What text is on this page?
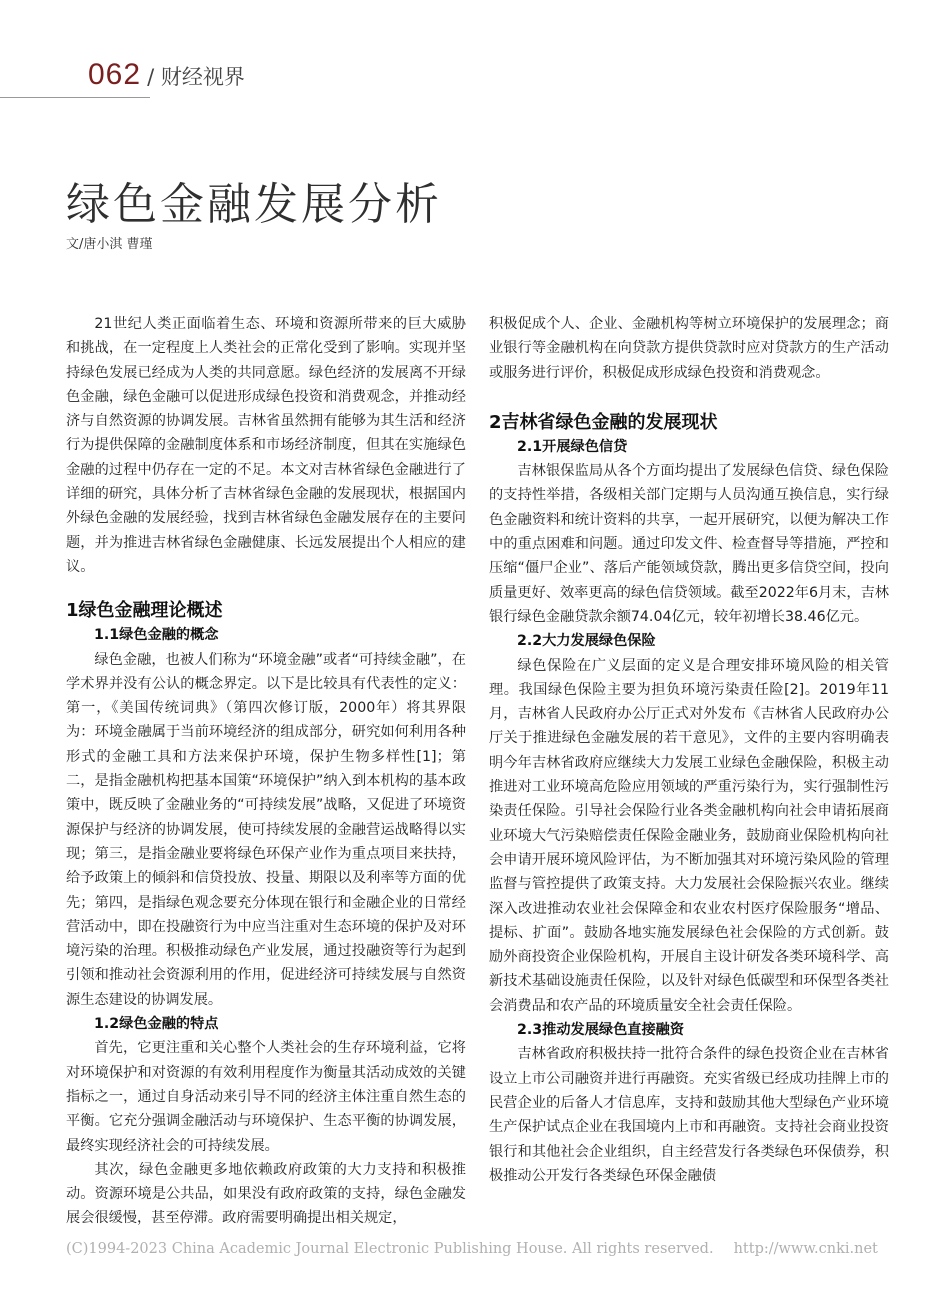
062 / 财经视界
绿色金融发展分析
文/唐小淇 曹瑾

21世纪人类正面临着生态、环境和资源所带来的巨大威胁和挑战，在一定程度上人类社会的正常化受到了影响。实现并坚持绿色发展已经成为人类的共同意愿。绿色经济的发展离不开绿色金融，绿色金融可以促进形成绿色投资和消费观念，并推动经济与自然资源的协调发展。吉林省虽然拥有能够为其生活和经济行为提供保障的金融制度体系和市场经济制度，但其在实施绿色金融的过程中仍存在一定的不足。本文对吉林省绿色金融进行了详细的研究，具体分析了吉林省绿色金融的发展现状，根据国内外绿色金融的发展经验，找到吉林省绿色金融发展存在的主要问题，并为推进吉林省绿色金融健康、长远发展提出个人相应的建议。

1绿色金融理论概述
1.1绿色金融的概念

绿色金融，也被人们称为“环境金融”或者“可持续金融”，在学术界并没有公认的概念界定。以下是比较具有代表性的定义：第一，《美国传统词典》（第四次修订版，2000年）将其界限为：环境金融属于当前环境经济的组成部分，研究如何利用各种形式的金融工具和方法来保护环境，保护生物多样性[1]；第二，是指金融机构把基本国策“环境保护”纳入到本机构的基本政策中，既反映了金融业务的“可持续发展”战略，又促进了环境资源保护与经济的协调发展，使可持续发展的金融营运战略得以实现；第三，是指金融业要将绿色环保产业作为重点项目来扶持，给予政策上的倾斜和信贷投放、投量、期限以及利率等方面的优先；第四，是指绿色观念要充分体现在银行和金融企业的日常经营活动中，即在投融资行为中应当注重对生态环境的保护及对环境污染的治理。积极推动绿色产业发展，通过投融资等行为起到引领和推动社会资源利用的作用，促进经济可持续发展与自然资源生态建设的协调发展。

1.2绿色金融的特点

首先，它更注重和关心整个人类社会的生存环境利益，它将对环境保护和对资源的有效利用程度作为衡量其活动成效的关键指标之一，通过自身活动来引导不同的经济主体注重自然生态的平衡。它充分强调金融活动与环境保护、生态平衡的协调发展，最终实现经济社会的可持续发展。

其次，绿色金融更多地依赖政府政策的大力支持和积极推动。资源环境是公共品，如果没有政府政策的支持，绿色金融发展会很缓慢，甚至停滞。政府需要明确提出相关规定，

积极促成个人、企业、金融机构等树立环境保护的发展理念；商业银行等金融机构在向贷款方提供贷款时应对贷款方的生产活动或服务进行评价，积极促成形成绿色投资和消费观念。

2吉林省绿色金融的发展现状
2.1开展绿色信贷

吉林银保监局从各个方面均提出了发展绿色信贷、绿色保险的支持性举措，各级相关部门定期与人员沟通互换信息，实行绿色金融资料和统计资料的共享，一起开展研究，以便为解决工作中的重点困难和问题。通过印发文件、检查督导等措施，严控和压缩“僵尸企业”、落后产能领域贷款，腾出更多信贷空间，投向质量更好、效率更高的绿色信贷领域。截至2022年6月末，吉林银行绿色金融贷款余额74.04亿元，较年初增长38.46亿元。

2.2大力发展绿色保险

绿色保险在广义层面的定义是合理安排环境风险的相关管理。我国绿色保险主要为担负环境污染责任险[2]。2019年11月，吉林省人民政府办公厅正式对外发布《吉林省人民政府办公厅关于推进绿色金融发展的若干意见》，文件的主要内容明确表明今年吉林省政府应继续大力发展工业绿色金融保险，积极主动推进对工业环境高危险应用领域的严重污染行为，实行强制性污染责任保险。引导社会保险行业各类金融机构向社会申请拓展商业环境大气污染赔偿责任保险金融业务，鼓励商业保险机构向社会申请开展环境风险评估，为不断加强其对环境污染风险的管理监督与管控提供了政策支持。大力发展社会保险振兴农业。继续深入改进推动农业社会保障金和农业农村医疗保险服务“增品、提标、扩面”。鼓励各地实施发展绿色社会保险的方式创新。鼓励外商投资企业保险机构，开展自主设计研发各类环境科学、高新技术基础设施责任保险，以及针对绿色低碳型和环保型各类社会消费品和农产品的环境质量安全社会责任保险。

2.3推动发展绿色直接融资

吉林省政府积极扶持一批符合条件的绿色投资企业在吉林省设立上市公司融资并进行再融资。充实省级已经成功挂牌上市的民营企业的后备人才信息库，支持和鼓励其他大型绿色产业环境生产保护试点企业在我国境内上市和再融资。支持社会商业投资银行和其他社会企业组织，自主经营发行各类绿色环保债券，积极推动公开发行各类绿色环保金融债

(C)1994-2023 China Academic Journal Electronic Publishing House. All rights reserved. http://www.cnki.net
